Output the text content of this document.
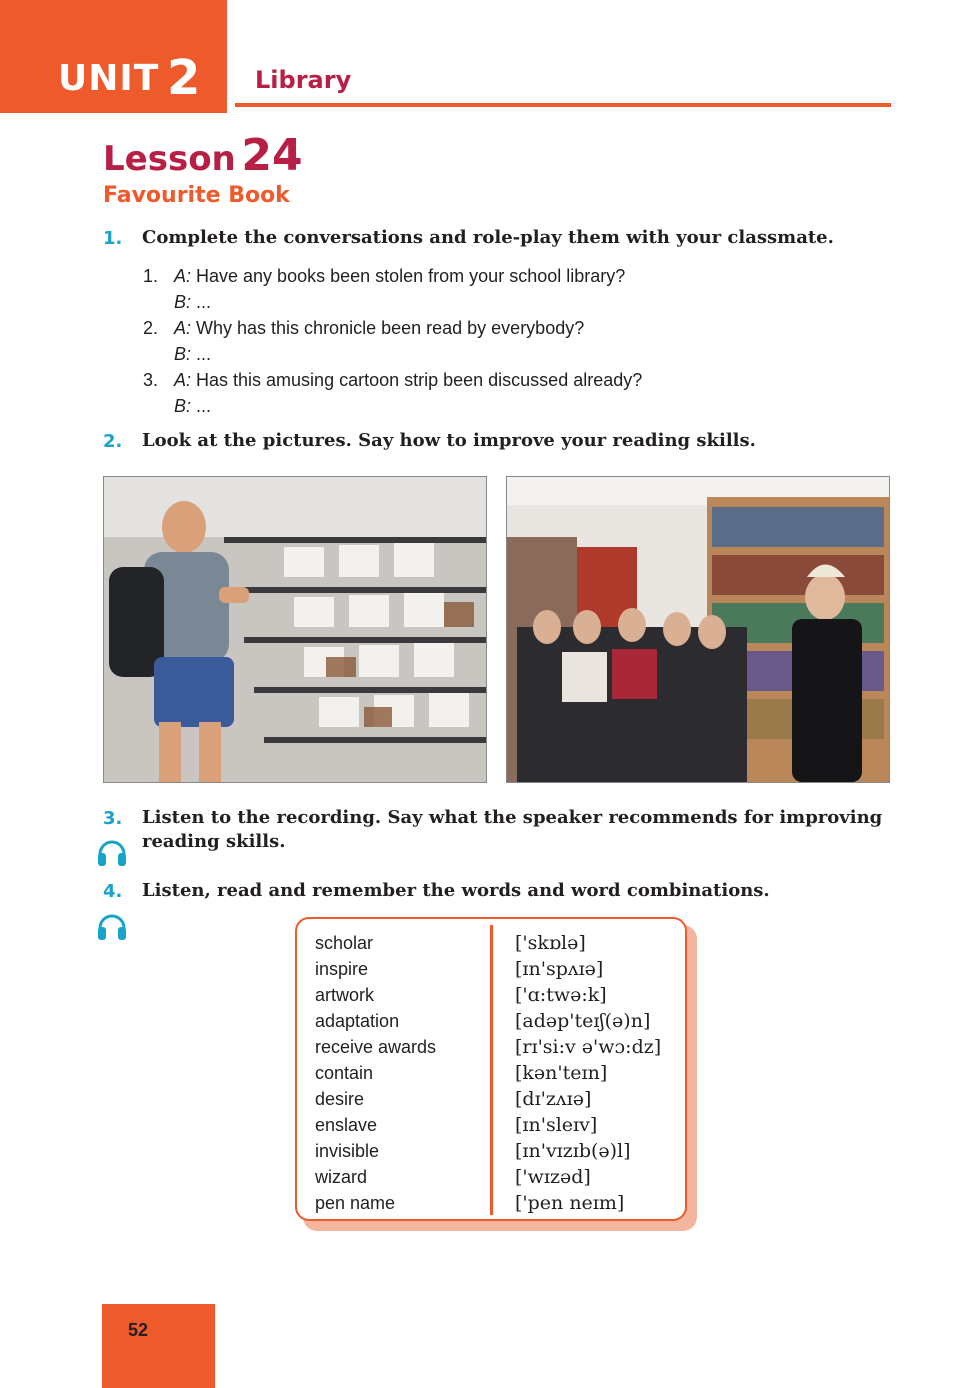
UNIT 2 Library
Lesson 24
Favourite Book
1. Complete the conversations and role-play them with your classmate.
1. A: Have any books been stolen from your school library?
B: ...
2. A: Why has this chronicle been read by everybody?
B: ...
3. A: Has this amusing cartoon strip been discussed already?
B: ...
2. Look at the pictures. Say how to improve your reading skills.
3. Listen to the recording. Say what the speaker recommends for improving reading skills.
4. Listen, read and remember the words and word combinations.
scholar
inspire
artwork
adaptation
receive awards
contain
desire
enslave
invisible
wizard
pen name
['skɒlə]
[ɪn'spʌɪə]
['ɑ:twə:k]
[adəp'teɪʃ(ə)n]
[rɪ'si:v ə'wɔ:dz]
[kən'teɪn]
[dɪ'zʌɪə]
[ɪn'sleɪv]
[ɪn'vɪzɪb(ə)l]
['wɪzəd]
['pen neɪm]
52
